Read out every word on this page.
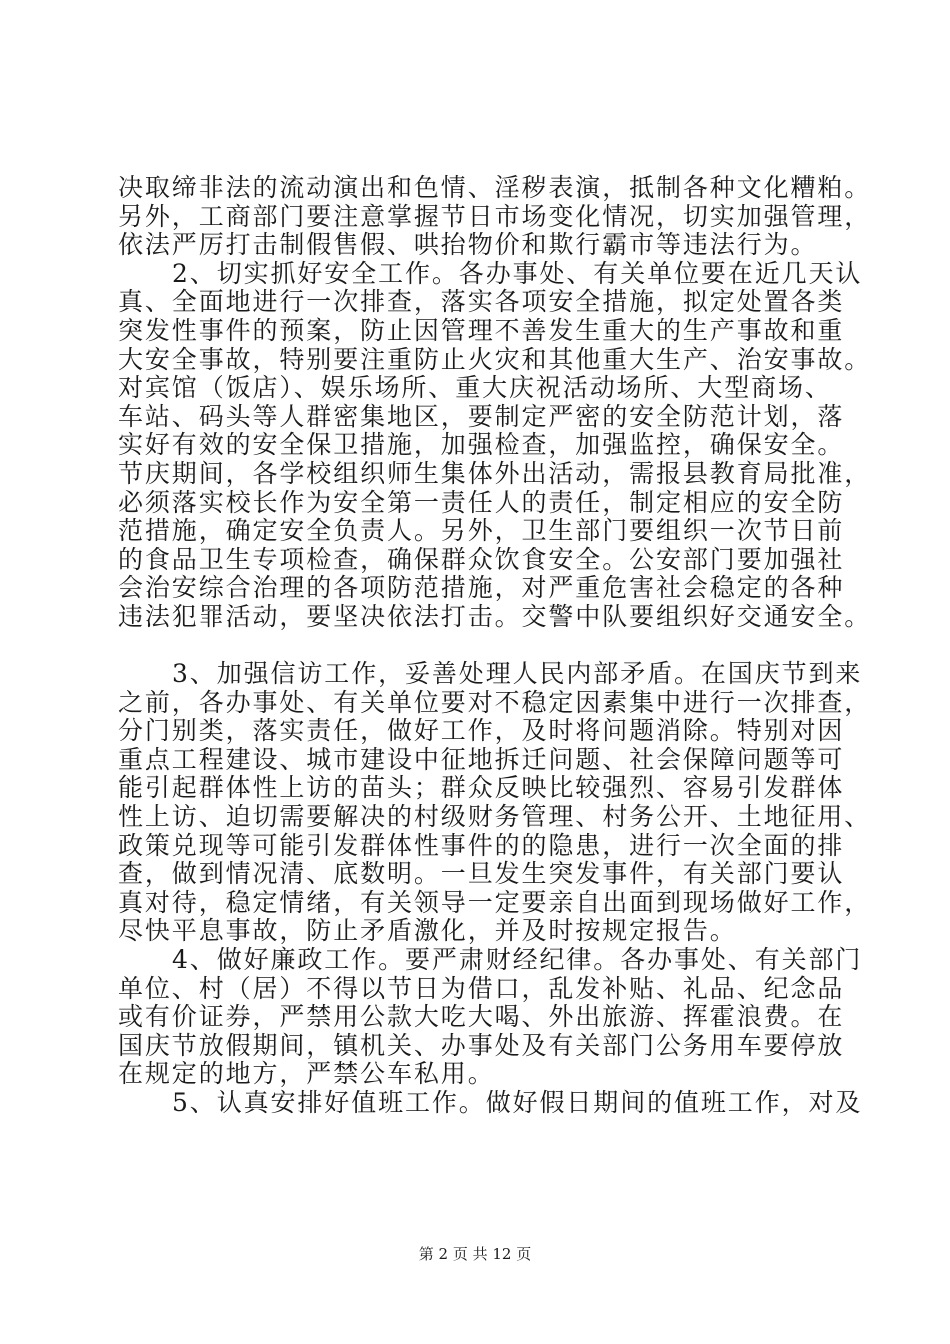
决取缔非法的流动演出和色情、淫秽表演，抵制各种文化糟粕。
另外，工商部门要注意掌握节日市场变化情况，切实加强管理，
依法严厉打击制假售假、哄抬物价和欺行霸市等违法行为。
2、切实抓好安全工作。各办事处、有关单位要在近几天认
真、全面地进行一次排查，落实各项安全措施，拟定处置各类
突发性事件的预案，防止因管理不善发生重大的生产事故和重
大安全事故，特别要注重防止火灾和其他重大生产、治安事故。
对宾馆（饭店）、娱乐场所、重大庆祝活动场所、大型商场、
车站、码头等人群密集地区，要制定严密的安全防范计划，落
实好有效的安全保卫措施，加强检查，加强监控，确保安全。
节庆期间，各学校组织师生集体外出活动，需报县教育局批准，
必须落实校长作为安全第一责任人的责任，制定相应的安全防
范措施，确定安全负责人。另外，卫生部门要组织一次节日前
的食品卫生专项检查，确保群众饮食安全。公安部门要加强社
会治安综合治理的各项防范措施，对严重危害社会稳定的各种
违法犯罪活动，要坚决依法打击。交警中队要组织好交通安全。
3、加强信访工作，妥善处理人民内部矛盾。在国庆节到来
之前，各办事处、有关单位要对不稳定因素集中进行一次排查，
分门别类，落实责任，做好工作，及时将问题消除。特别对因
重点工程建设、城市建设中征地拆迁问题、社会保障问题等可
能引起群体性上访的苗头；群众反映比较强烈、容易引发群体
性上访、迫切需要解决的村级财务管理、村务公开、土地征用、
政策兑现等可能引发群体性事件的的隐患，进行一次全面的排
查，做到情况清、底数明。一旦发生突发事件，有关部门要认
真对待，稳定情绪，有关领导一定要亲自出面到现场做好工作，
尽快平息事故，防止矛盾激化，并及时按规定报告。
4、做好廉政工作。要严肃财经纪律。各办事处、有关部门
单位、村（居）不得以节日为借口，乱发补贴、礼品、纪念品
或有价证券，严禁用公款大吃大喝、外出旅游、挥霍浪费。在
国庆节放假期间，镇机关、办事处及有关部门公务用车要停放
在规定的地方，严禁公车私用。
5、认真安排好值班工作。做好假日期间的值班工作，对及
第 2 页 共 12 页
